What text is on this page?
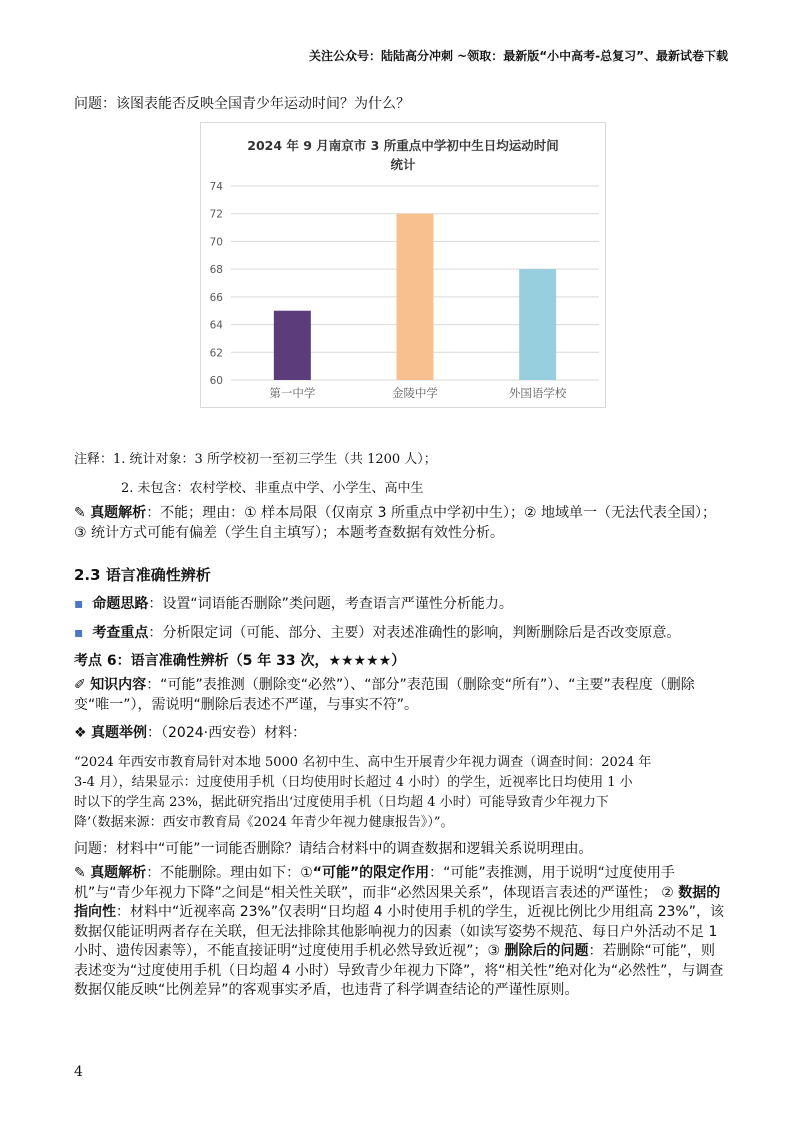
关注公众号：陆陆高分冲刺 ~领取：最新版“小中高考-总复习”、最新试卷下载
问题：该图表能否反映全国青少年运动时间？为什么？
2024 年 9 月南京市 3 所重点中学初中生日均运动时间
统计
60
62
64
66
68
70
72
74
第一中学	金陵中学	外国语学校
注释：1. 统计对象：3 所学校初一至初三学生（共 1200 人）；
2. 未包含：农村学校、非重点中学、小学生、高中生
✎ 真题解析：不能；理由：① 样本局限（仅南京 3 所重点中学初中生）；② 地域单一（无法代表全国）；③ 统计方式可能有偏差（学生自主填写）；本题考查数据有效性分析。
2.3 语言准确性辨析
▪ 命题思路：设置“词语能否删除”类问题，考查语言严谨性分析能力。
▪ 考查重点：分析限定词（可能、部分、主要）对表述准确性的影响，判断删除后是否改变原意。
考点 6：语言准确性辨析（5 年 33 次，★★★★★）
✐ 知识内容：“可能”表推测（删除变“必然”）、“部分”表范围（删除变“所有”）、“主要”表程度（删除变“唯一”），需说明“删除后表述不严谨，与事实不符”。
❖ 真题举例：（2024·西安卷）材料：
“2024 年西安市教育局针对本地 5000 名初中生、高中生开展青少年视力调查（调查时间：2024 年
3-4 月），结果显示：过度使用手机（日均使用时长超过 4 小时）的学生，近视率比日均使用 1 小
时以下的学生高 23%，据此研究指出‘过度使用手机（日均超 4 小时）可能导致青少年视力下
降’（数据来源：西安市教育局《2024 年青少年视力健康报告》）”。
问题：材料中“可能”一词能否删除？请结合材料中的调查数据和逻辑关系说明理由。
✎ 真题解析：不能删除。理由如下：①“可能”的限定作用：“可能”表推测，用于说明“过度使用手机”与“青少年视力下降”之间是“相关性关联”，而非“必然因果关系”，体现语言表述的严谨性； ② 数据的指向性：材料中“近视率高 23%”仅表明“日均超 4 小时使用手机的学生，近视比例比少用组高 23%”，该数据仅能证明两者存在关联，但无法排除其他影响视力的因素（如读写姿势不规范、每日户外活动不足 1 小时、遗传因素等），不能直接证明“过度使用手机必然导致近视”；③ 删除后的问题：若删除“可能”，则表述变为“过度使用手机（日均超 4 小时）导致青少年视力下降”，将“相关性”绝对化为“必然性”，与调查数据仅能反映“比例差异”的客观事实矛盾，也违背了科学调查结论的严谨性原则。
4
